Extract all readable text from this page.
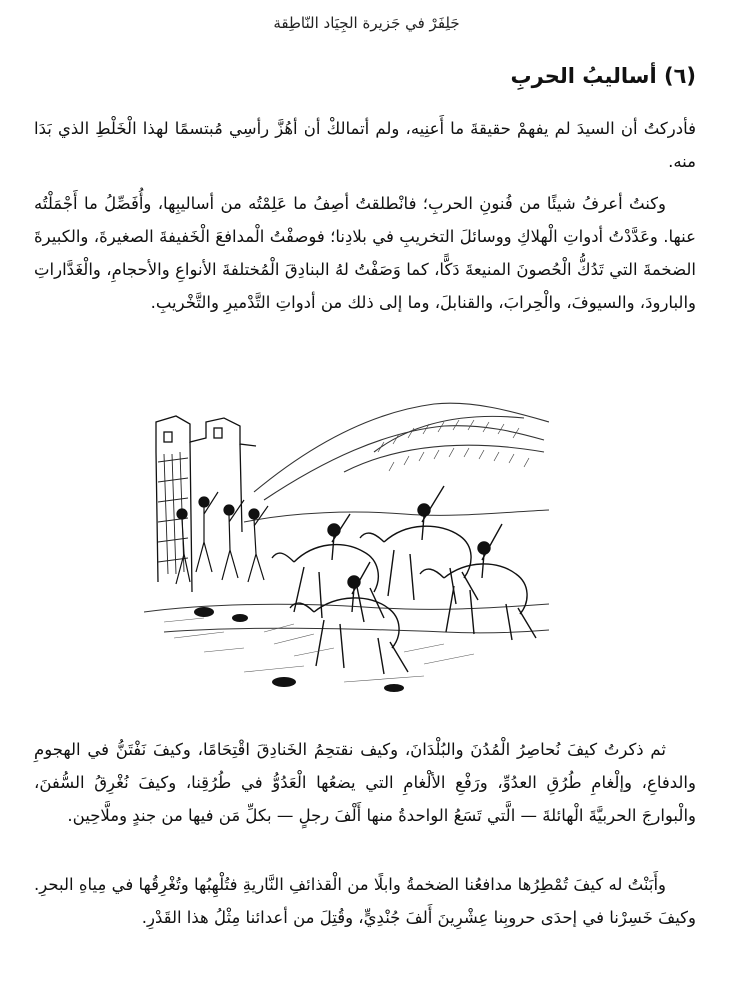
جَلِفَرْ في جَزيرة الجِيَاد النّاطِقة
(٦) أساليبُ الحربِ

فأدركتُ أن السيدَ لم يفهمْ حقيقةَ ما أَعنِيه، ولم أتمالكْ أن أهُزَّ رأسِي مُبتسمًا لهذا الْخَلْطِ الذي بَدَا منه.

وكنتُ أعرفُ شيئًا من فُنونِ الحربِ؛ فانْطلقتُ أصِفُ ما عَلِمْتُه من أساليبِها، وأُفَصِّلُ ما أَجْمَلْتُه عنها. وعَدَّدْتُ أدواتِ الْهلاكِ ووسائلَ التخريبِ في بلادِنا؛ فوصفْتُ الْمدافعَ الْخَفيفةَ الصغيرةَ، والكبيرةَ الضخمةَ التي تَدُكُّ الْحُصونَ المنيعةَ دَكًّا، كما وَصَفْتُ لهُ البنادِقَ الْمُختلفةَ الأنواعِ والأحجامِ، والْغَدَّاراتِ والبارودَ، والسيوفَ، والْحِرابَ، والقنابلَ، وما إلى ذلك من أدواتِ التَّدْميرِ والتَّخْريبِ.

ثم ذكرتُ كيفَ نُحاصِرُ الْمُدُنَ والبُلْدَانَ، وكيف نقتحِمُ الخَنادِقَ اقْتِحَامًا، وكيفَ نَفْتَنُّ في الهجومِ والدفاعِ، وإلْغامِ طُرُقِ العدُوِّ، ورَفْعِ الألْغامِ التي يضعُها الْعَدُوُّ في طُرُقِنا، وكيفَ نُغْرِقُ السُّفنَ، والْبوارجَ الحربيَّةَ الْهائلةَ — الَّتي تَسَعُ الواحدةُ منها أَلْفَ رجلٍ — بكلِّ مَن فيها من جندٍ وملَّاحِين.

وأَبَنْتُ له كيفَ تُمْطِرُها مدافعُنا الضخمةُ وابلًا من الْقذائفِ النَّاريةِ فتُلْهِبُها وتُغْرِقُها في مِياهِ البحرِ. وكيفَ خَسِرْنا في إحدَى حروبِنا عِشْرِينَ أَلفَ جُنْدِيٍّ، وقُتِلَ من أعدائنا مِثْلُ هذا القَدْرِ.
